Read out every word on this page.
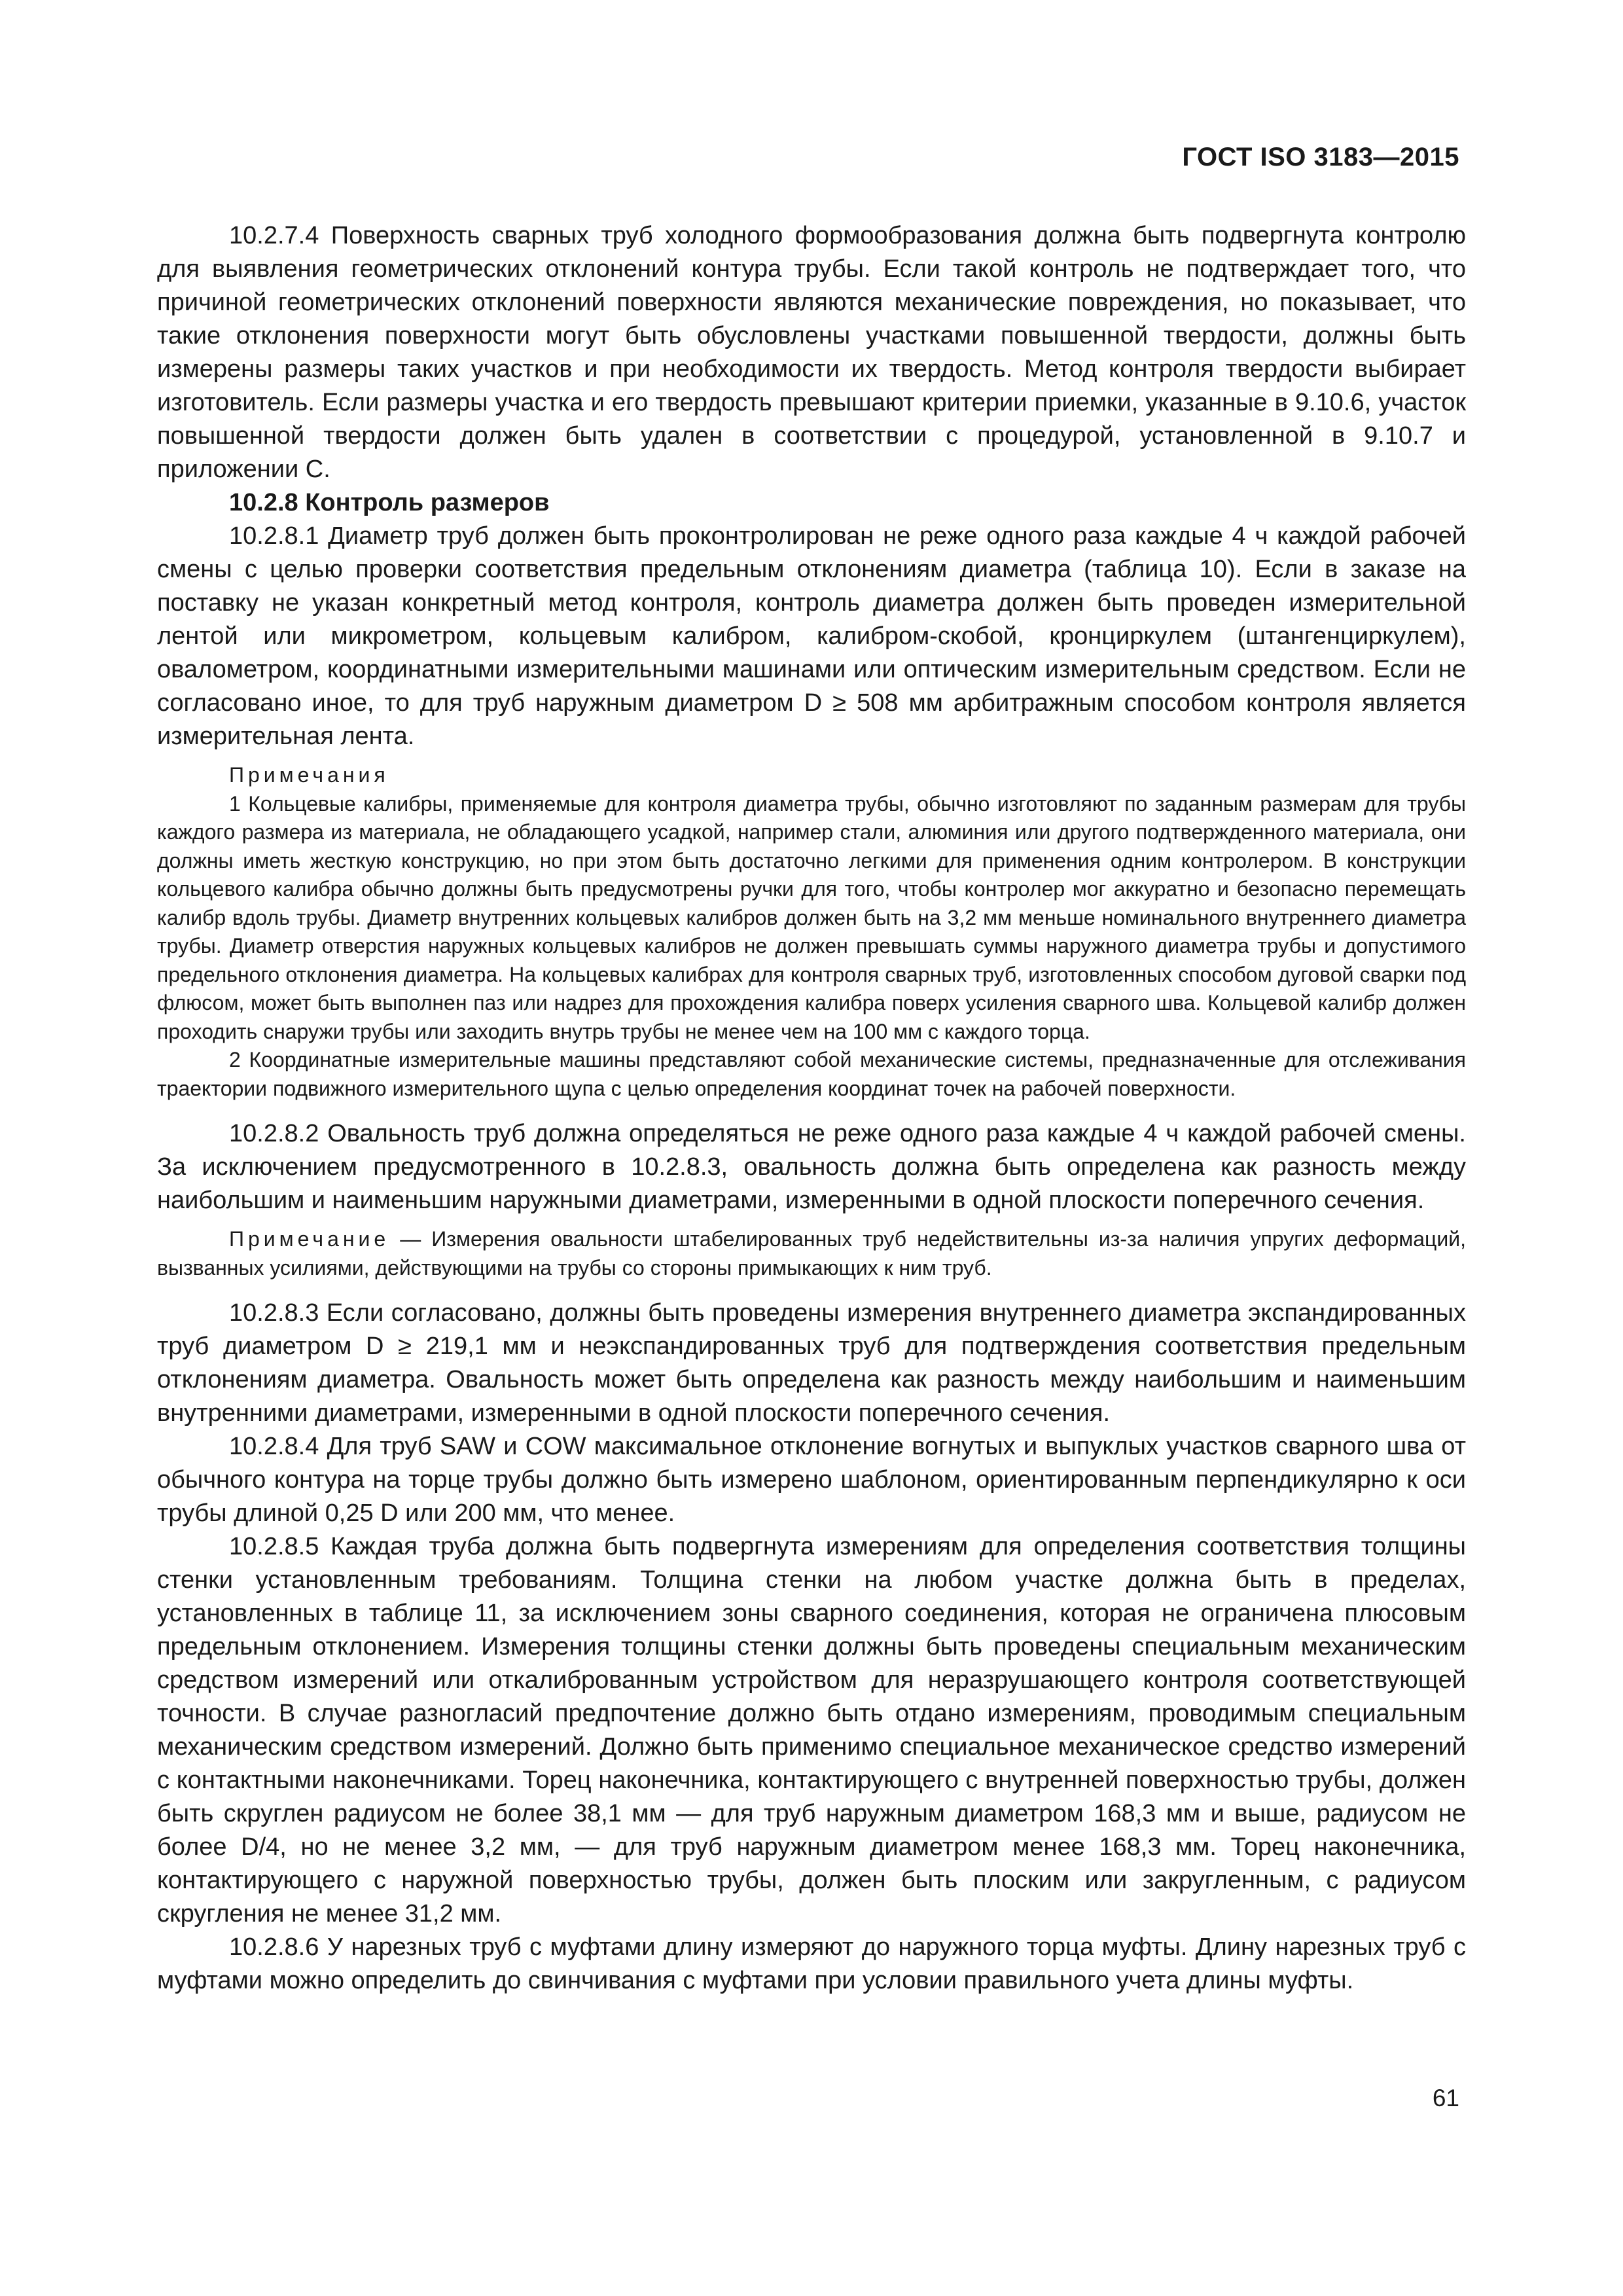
ГОСТ ISO 3183—2015

10.2.7.4 Поверхность сварных труб холодного формообразования должна быть подвергнута контролю для выявления геометрических отклонений контура трубы. Если такой контроль не подтверждает того, что причиной геометрических отклонений поверхности являются механические повреждения, но показывает, что такие отклонения поверхности могут быть обусловлены участками повышенной твердости, должны быть измерены размеры таких участков и при необходимости их твердость. Метод контроля твердости выбирает изготовитель. Если размеры участка и его твердость превышают критерии приемки, указанные в 9.10.6, участок повышенной твердости должен быть удален в соответствии с процедурой, установленной в 9.10.7 и приложении С.

10.2.8 Контроль размеров

10.2.8.1 Диаметр труб должен быть проконтролирован не реже одного раза каждые 4 ч каждой рабочей смены с целью проверки соответствия предельным отклонениям диаметра (таблица 10). Если в заказе на поставку не указан конкретный метод контроля, контроль диаметра должен быть проведен измерительной лентой или микрометром, кольцевым калибром, калибром-скобой, кронциркулем (штангенциркулем), овалометром, координатными измерительными машинами или оптическим измерительным средством. Если не согласовано иное, то для труб наружным диаметром D ≥ 508 мм арбитражным способом контроля является измерительная лента.

Примечания

1 Кольцевые калибры, применяемые для контроля диаметра трубы, обычно изготовляют по заданным размерам для трубы каждого размера из материала, не обладающего усадкой, например стали, алюминия или другого подтвержденного материала, они должны иметь жесткую конструкцию, но при этом быть достаточно легкими для применения одним контролером. В конструкции кольцевого калибра обычно должны быть предусмотрены ручки для того, чтобы контролер мог аккуратно и безопасно перемещать калибр вдоль трубы. Диаметр внутренних кольцевых калибров должен быть на 3,2 мм меньше номинального внутреннего диаметра трубы. Диаметр отверстия наружных кольцевых калибров не должен превышать суммы наружного диаметра трубы и допустимого предельного отклонения диаметра. На кольцевых калибрах для контроля сварных труб, изготовленных способом дуговой сварки под флюсом, может быть выполнен паз или надрез для прохождения калибра поверх усиления сварного шва. Кольцевой калибр должен проходить снаружи трубы или заходить внутрь трубы не менее чем на 100 мм с каждого торца.

2 Координатные измерительные машины представляют собой механические системы, предназначенные для отслеживания траектории подвижного измерительного щупа с целью определения координат точек на рабочей поверхности.

10.2.8.2 Овальность труб должна определяться не реже одного раза каждые 4 ч каждой рабочей смены. За исключением предусмотренного в 10.2.8.3, овальность должна быть определена как разность между наибольшим и наименьшим наружными диаметрами, измеренными в одной плоскости поперечного сечения.

Примечание — Измерения овальности штабелированных труб недействительны из-за наличия упругих деформаций, вызванных усилиями, действующими на трубы со стороны примыкающих к ним труб.

10.2.8.3 Если согласовано, должны быть проведены измерения внутреннего диаметра экспандированных труб диаметром D ≥ 219,1 мм и неэкспандированных труб для подтверждения соответствия предельным отклонениям диаметра. Овальность может быть определена как разность между наибольшим и наименьшим внутренними диаметрами, измеренными в одной плоскости поперечного сечения.

10.2.8.4 Для труб SAW и COW максимальное отклонение вогнутых и выпуклых участков сварного шва от обычного контура на торце трубы должно быть измерено шаблоном, ориентированным перпендикулярно к оси трубы длиной 0,25 D или 200 мм, что менее.

10.2.8.5 Каждая труба должна быть подвергнута измерениям для определения соответствия толщины стенки установленным требованиям. Толщина стенки на любом участке должна быть в пределах, установленных в таблице 11, за исключением зоны сварного соединения, которая не ограничена плюсовым предельным отклонением. Измерения толщины стенки должны быть проведены специальным механическим средством измерений или откалиброванным устройством для неразрушающего контроля соответствующей точности. В случае разногласий предпочтение должно быть отдано измерениям, проводимым специальным механическим средством измерений. Должно быть применимо специальное механическое средство измерений с контактными наконечниками. Торец наконечника, контактирующего с внутренней поверхностью трубы, должен быть скруглен радиусом не более 38,1 мм — для труб наружным диаметром 168,3 мм и выше, радиусом не более D/4, но не менее 3,2 мм, — для труб наружным диаметром менее 168,3 мм. Торец наконечника, контактирующего с наружной поверхностью трубы, должен быть плоским или закругленным, с радиусом скругления не менее 31,2 мм.

10.2.8.6 У нарезных труб с муфтами длину измеряют до наружного торца муфты. Длину нарезных труб с муфтами можно определить до свинчивания с муфтами при условии правильного учета длины муфты.

61
